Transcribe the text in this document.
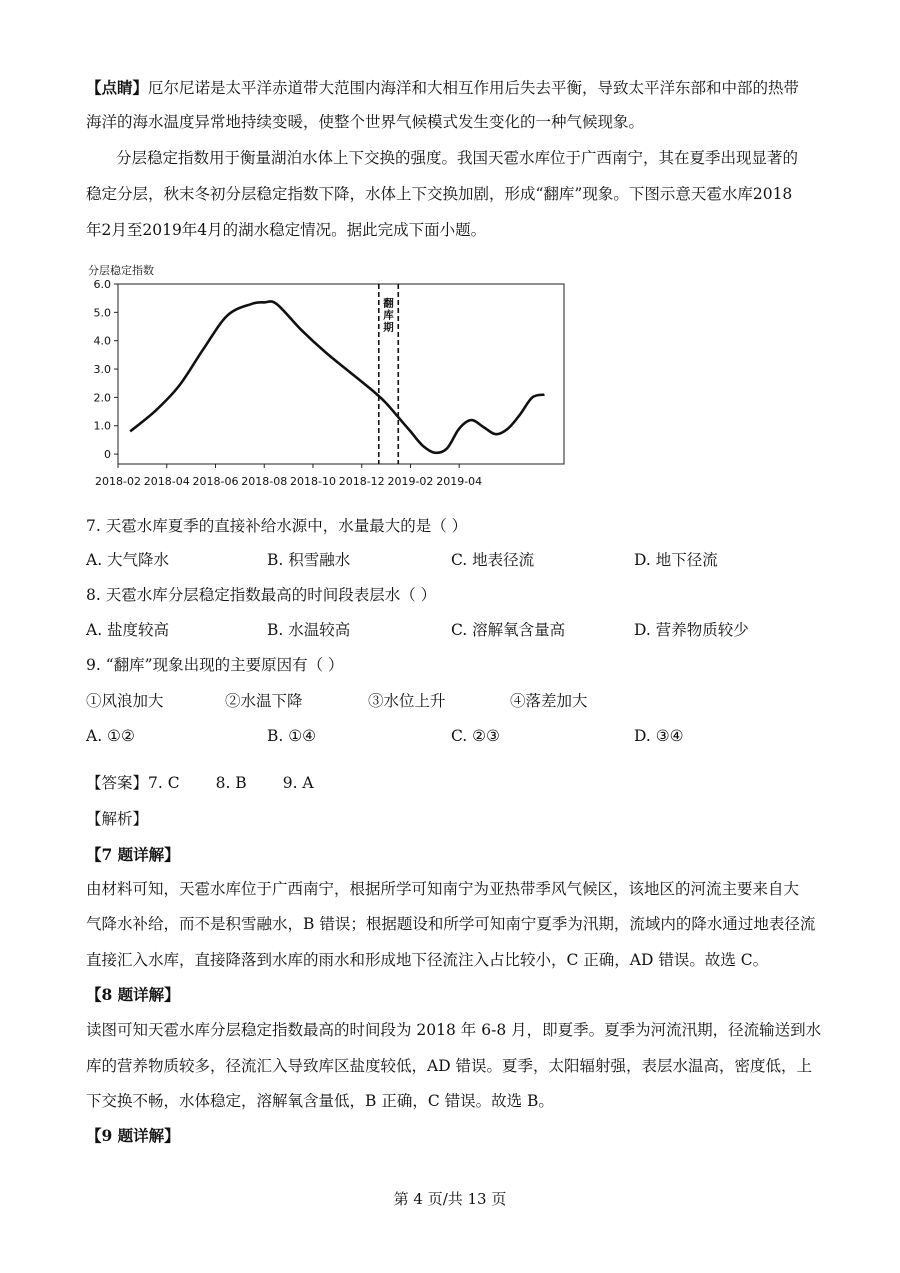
【点睛】厄尔尼诺是太平洋赤道带大范围内海洋和大相互作用后失去平衡，导致太平洋东部和中部的热带
海洋的海水温度异常地持续变暖，使整个世界气候模式发生变化的一种气候现象。
分层稳定指数用于衡量湖泊水体上下交换的强度。我国天雹水库位于广西南宁，其在夏季出现显著的
稳定分层，秋末冬初分层稳定指数下降，水体上下交换加剧，形成“翻库”现象。下图示意天雹水库2018
年2月至2019年4月的湖水稳定情况。据此完成下面小题。
分层稳定指数
6.0
5.0
4.0
3.0
2.0
1.0
0
2018-02 2018-04 2018-06 2018-08 2018-10 2018-12 2019-02 2019-04
翻库期
7. 天雹水库夏季的直接补给水源中，水量最大的是（ ）
A. 大气降水	B. 积雪融水	C. 地表径流	D. 地下径流
8. 天雹水库分层稳定指数最高的时间段表层水（ ）
A. 盐度较高	B. 水温较高	C. 溶解氧含量高	D. 营养物质较少
9. “翻库”现象出现的主要原因有（ ）
①风浪加大	②水温下降	③水位上升	④落差加大
A. ①②	B. ①④	C. ②③	D. ③④
【答案】7. C 8. B 9. A
【解析】
【7 题详解】
由材料可知，天雹水库位于广西南宁，根据所学可知南宁为亚热带季风气候区，该地区的河流主要来自大
气降水补给，而不是积雪融水，B 错误；根据题设和所学可知南宁夏季为汛期，流域内的降水通过地表径流
直接汇入水库，直接降落到水库的雨水和形成地下径流注入占比较小，C 正确，AD 错误。故选 C。
【8 题详解】
读图可知天雹水库分层稳定指数最高的时间段为 2018 年 6-8 月，即夏季。夏季为河流汛期，径流输送到水
库的营养物质较多，径流汇入导致库区盐度较低，AD 错误。夏季，太阳辐射强，表层水温高，密度低，上
下交换不畅，水体稳定，溶解氧含量低，B 正确，C 错误。故选 B。
【9 题详解】
第 4 页/共 13 页
